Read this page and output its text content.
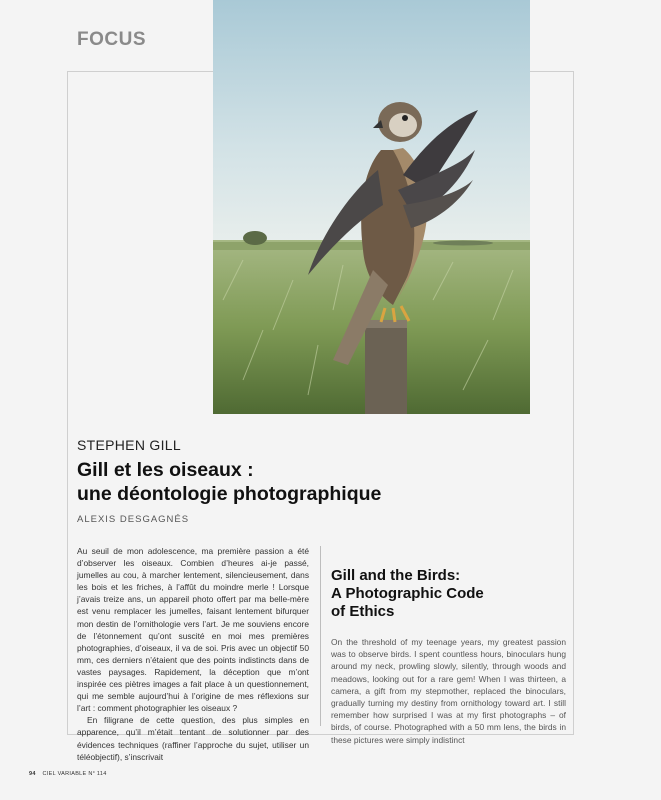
FOCUS
STEPHEN GILL
Gill et les oiseaux :
une déontologie photographique
ALEXIS DESGAGNÉS

Au seuil de mon adolescence, ma première passion a été d’observer les oiseaux. Combien d’heures ai-je passé, jumelles au cou, à marcher lentement, silencieusement, dans les bois et les friches, à l’affût du moindre merle ! Lorsque j’avais treize ans, un appareil photo offert par ma belle-mère est venu remplacer les jumelles, faisant lentement bifurquer mon destin de l’ornithologie vers l’art. Je me souviens encore de l’étonnement qu’ont suscité en moi mes premières photographies, d’oiseaux, il va de soi. Pris avec un objectif 50 mm, ces derniers n’étaient que des points indistincts dans de vastes paysages. Rapidement, la déception que m’ont inspirée ces piètres images a fait place à un questionnement, qui me semble aujourd’hui à l’origine de mes réflexions sur l’art : comment photographier les oiseaux ?

En filigrane de cette question, des plus simples en apparence, qu’il m’était tentant de solutionner par des évidences techniques (raffiner l’approche du sujet, utiliser un téléobjectif), s’inscrivait

Gill and the Birds:
A Photographic Code
of Ethics

On the threshold of my teenage years, my greatest passion was to observe birds. I spent countless hours, binoculars hung around my neck, prowling slowly, silently, through woods and meadows, looking out for a rare gem! When I was thirteen, a camera, a gift from my stepmother, replaced the binoculars, gradually turning my destiny from ornithology toward art. I still remember how surprised I was at my first photographs – of birds, of course. Photographed with a 50 mm lens, the birds in these pictures were simply indistinct

94 CIEL VARIABLE N° 114
